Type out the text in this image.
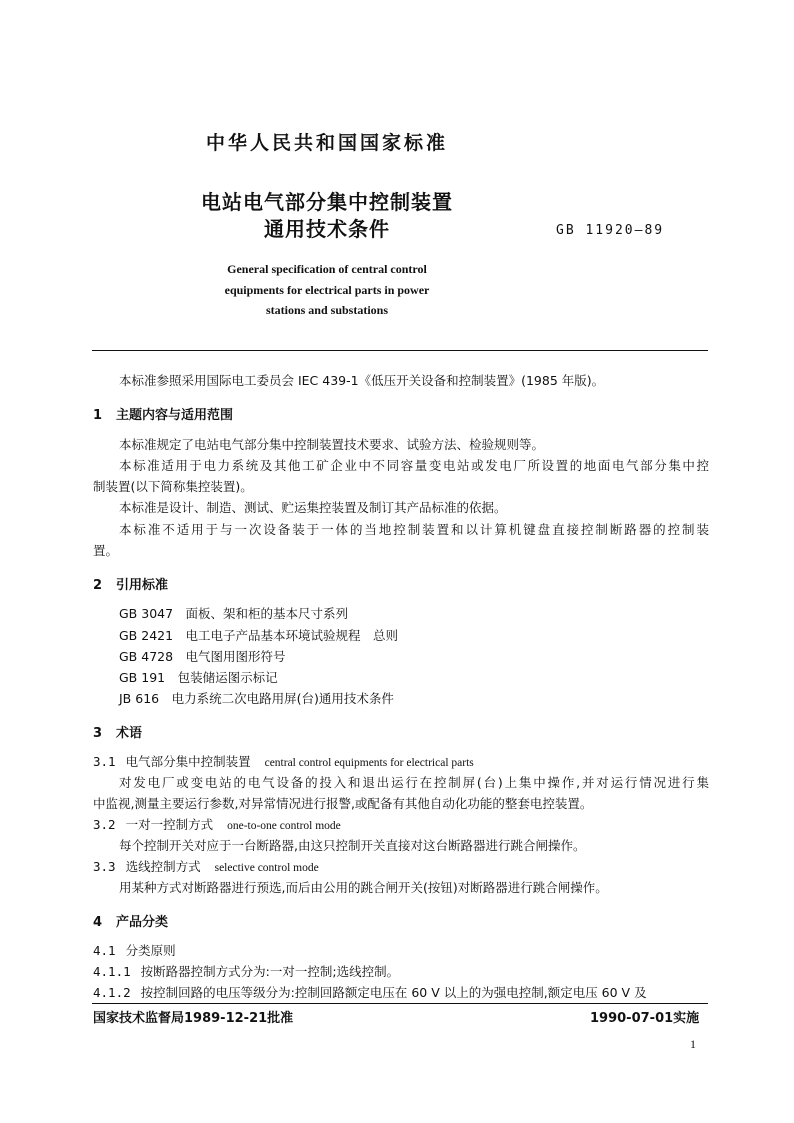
中华人民共和国国家标准
电站电气部分集中控制装置
通用技术条件	GB 11920—89
General specification of central control
equipments for electrical parts in power
stations and substations
本标准参照采用国际电工委员会 IEC 439-1《低压开关设备和控制装置》(1985 年版)。
1 主题内容与适用范围
本标准规定了电站电气部分集中控制装置技术要求、试验方法、检验规则等。
本标准适用于电力系统及其他工矿企业中不同容量变电站或发电厂所设置的地面电气部分集中控
制装置(以下简称集控装置)。
本标准是设计、制造、测试、贮运集控装置及制订其产品标准的依据。
本标准不适用于与一次设备装于一体的当地控制装置和以计算机键盘直接控制断路器的控制装
置。
2 引用标准
GB 3047　面板、架和柜的基本尺寸系列
GB 2421　电工电子产品基本环境试验规程　总则
GB 4728　电气图用图形符号
GB 191　包装储运图示标记
JB 616　电力系统二次电路用屏(台)通用技术条件
3 术语
3.1 电气部分集中控制装置 central control equipments for electrical parts
对发电厂或变电站的电气设备的投入和退出运行在控制屏(台)上集中操作,并对运行情况进行集
中监视,测量主要运行参数,对异常情况进行报警,或配备有其他自动化功能的整套电控装置。
3.2 一对一控制方式 one-to-one control mode
每个控制开关对应于一台断路器,由这只控制开关直接对这台断路器进行跳合闸操作。
3.3 选线控制方式 selective control mode
用某种方式对断路器进行预选,而后由公用的跳合闸开关(按钮)对断路器进行跳合闸操作。
4 产品分类
4.1 分类原则
4.1.1 按断路器控制方式分为:一对一控制;选线控制。
4.1.2 按控制回路的电压等级分为:控制回路额定电压在 60 V 以上的为强电控制,额定电压 60 V 及
国家技术监督局1989-12-21批准	1990-07-01实施
1
